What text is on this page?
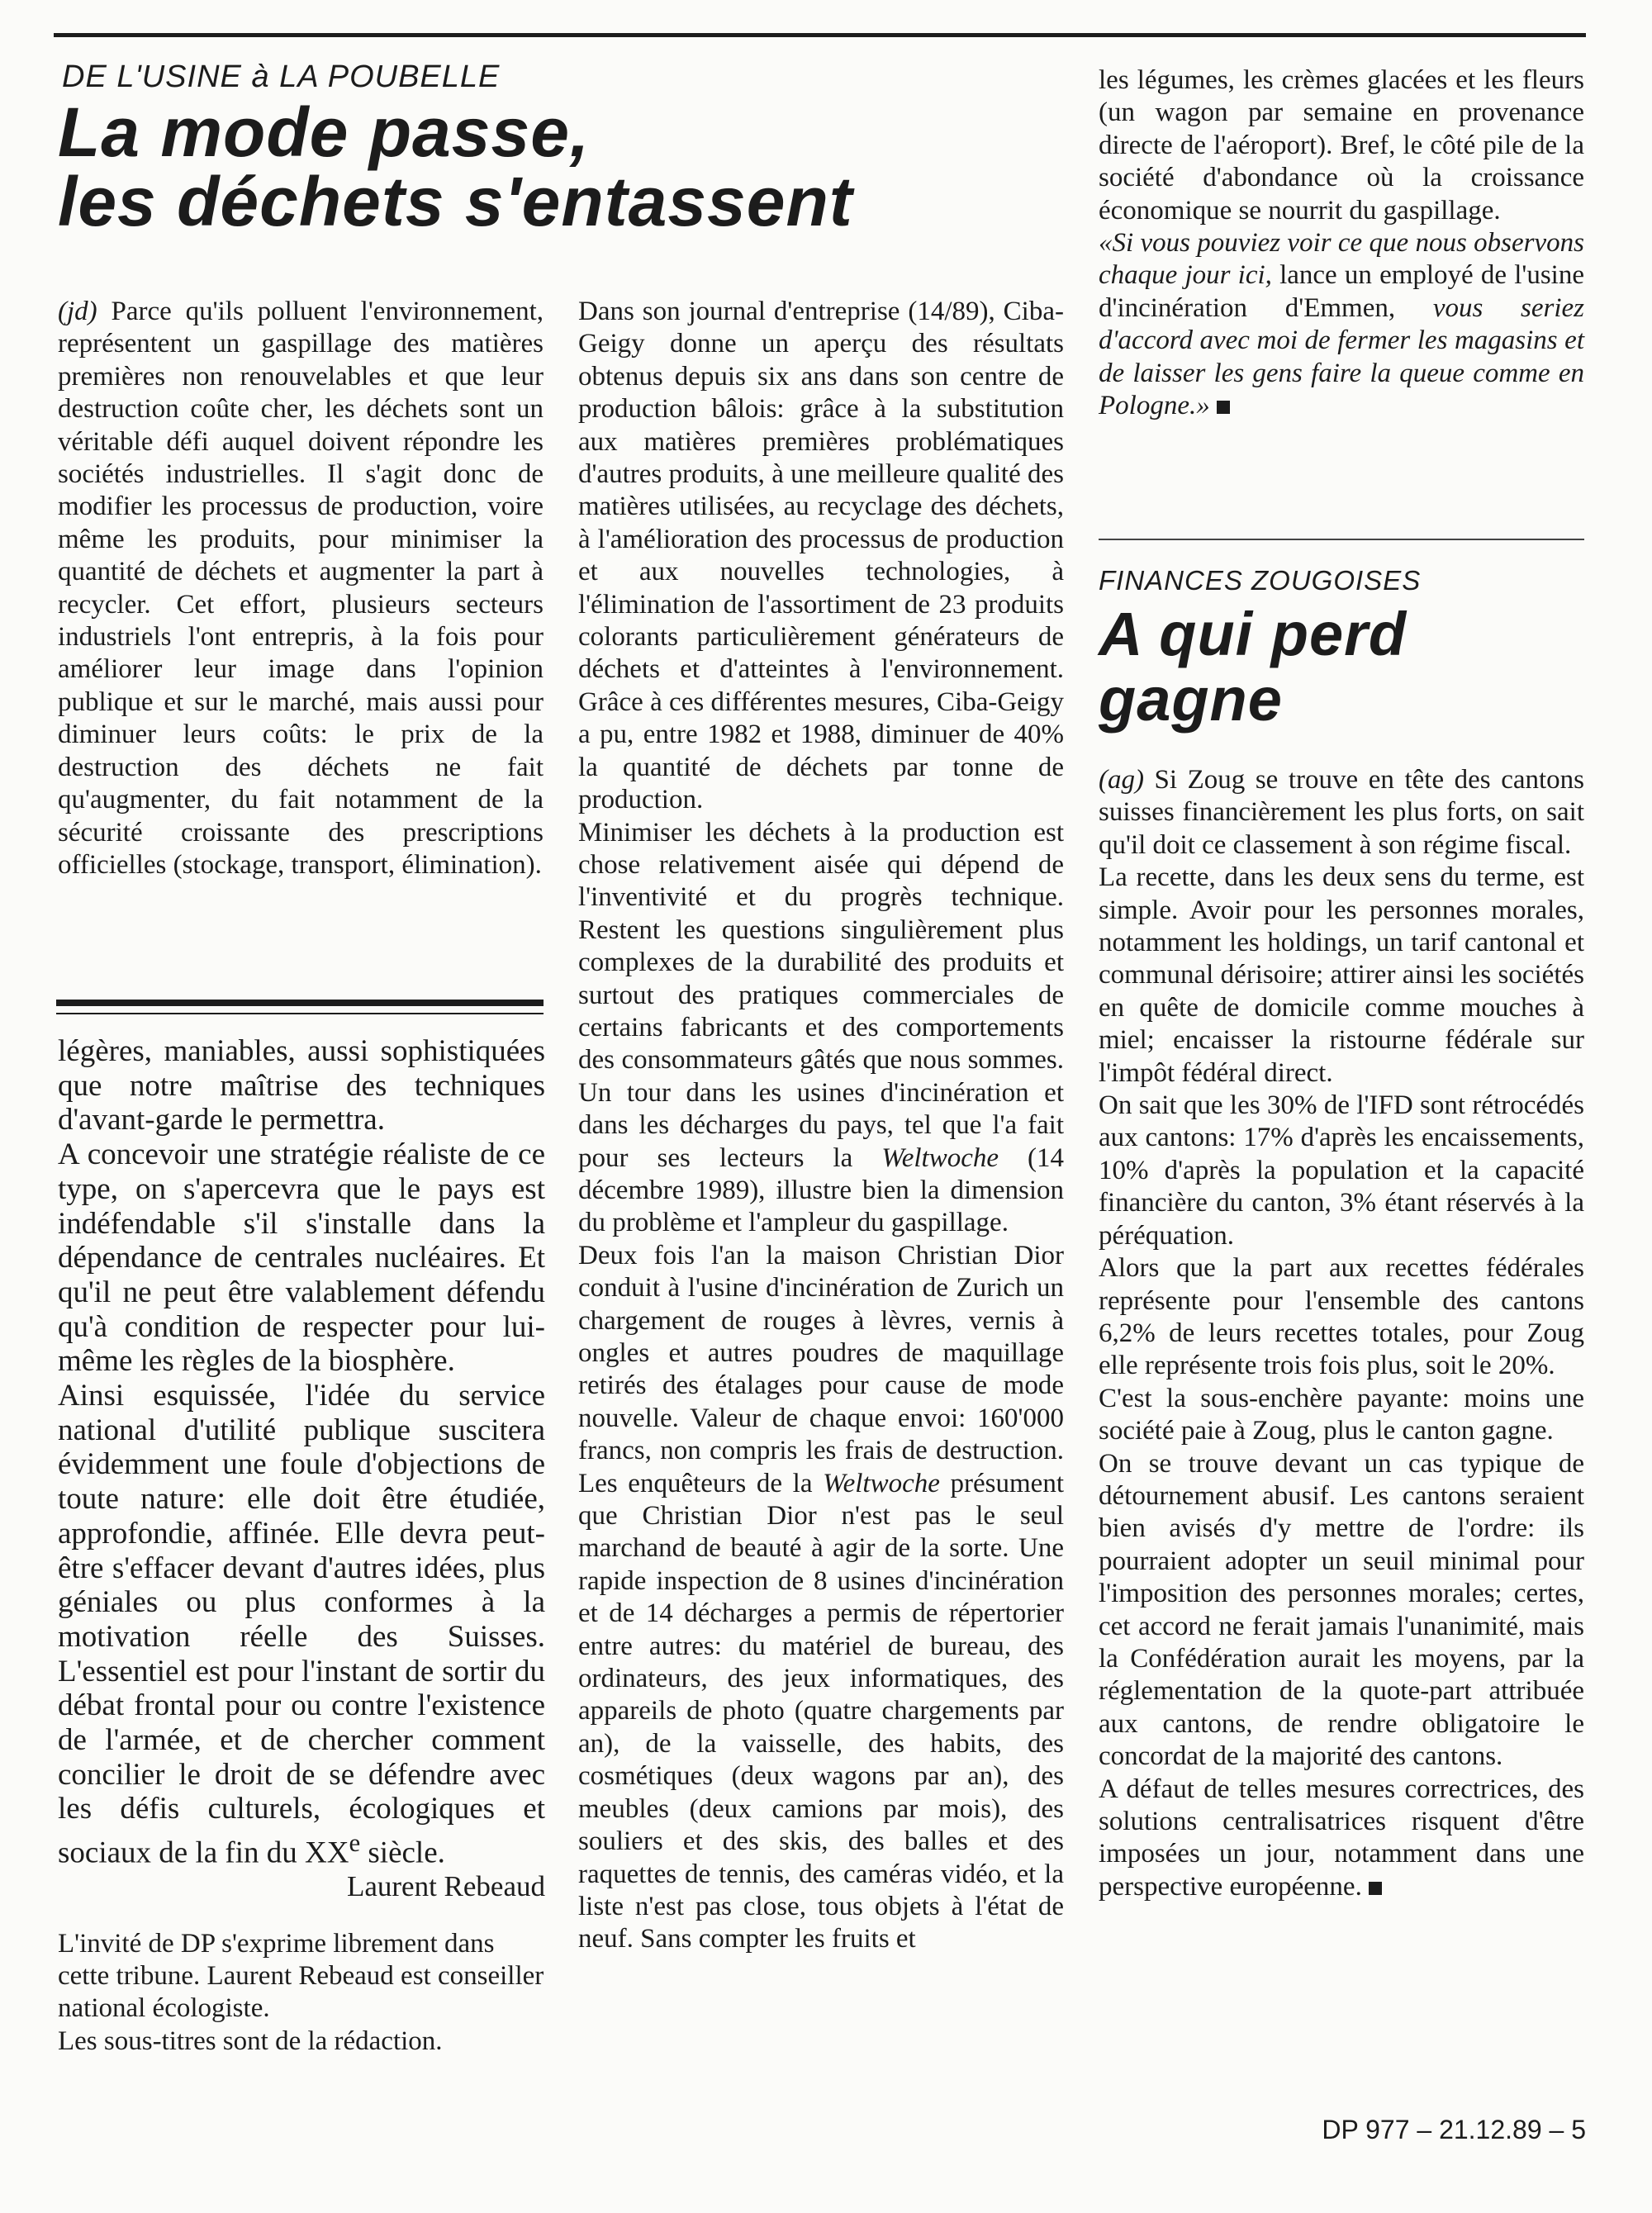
DE L'USINE à LA POUBELLE
La mode passe,
les déchets s'entassent

(jd) Parce qu'ils polluent l'environnement, représentent un gaspillage des matières premières non renouvelables et que leur destruction coûte cher, les déchets sont un véritable défi auquel doivent répondre les sociétés industrielles. Il s'agit donc de modifier les processus de production, voire même les produits, pour minimiser la quantité de déchets et augmenter la part à recycler. Cet effort, plusieurs secteurs industriels l'ont entrepris, à la fois pour améliorer leur image dans l'opinion publique et sur le marché, mais aussi pour diminuer leurs coûts: le prix de la destruction des déchets ne fait qu'augmenter, du fait notamment de la sécurité croissante des prescriptions officielles (stockage, transport, élimination).

légères, maniables, aussi sophistiquées que notre maîtrise des techniques d'avant-garde le permettra.

A concevoir une stratégie réaliste de ce type, on s'apercevra que le pays est indéfendable s'il s'installe dans la dépendance de centrales nucléaires. Et qu'il ne peut être valablement défendu qu'à condition de respecter pour lui-même les règles de la biosphère.

Ainsi esquissée, l'idée du service national d'utilité publique suscitera évidemment une foule d'objections de toute nature: elle doit être étudiée, approfondie, affinée. Elle devra peut-être s'effacer devant d'autres idées, plus géniales ou plus conformes à la motivation réelle des Suisses. L'essentiel est pour l'instant de sortir du débat frontal pour ou contre l'existence de l'armée, et de chercher comment concilier le droit de se défendre avec les défis culturels, écologiques et sociaux de la fin du XXe siècle.

Laurent Rebeaud

L'invité de DP s'exprime librement dans cette tribune. Laurent Rebeaud est conseiller national écologiste.

Les sous-titres sont de la rédaction.

Dans son journal d'entreprise (14/89), Ciba-Geigy donne un aperçu des résultats obtenus depuis six ans dans son centre de production bâlois: grâce à la substitution aux matières premières problématiques d'autres produits, à une meilleure qualité des matières utilisées, au recyclage des déchets, à l'amélioration des processus de production et aux nouvelles technologies, à l'élimination de l'assortiment de 23 produits colorants particulièrement générateurs de déchets et d'atteintes à l'environnement. Grâce à ces différentes mesures, Ciba-Geigy a pu, entre 1982 et 1988, diminuer de 40% la quantité de déchets par tonne de production.

Minimiser les déchets à la production est chose relativement aisée qui dépend de l'inventivité et du progrès technique. Restent les questions singulièrement plus complexes de la durabilité des produits et surtout des pratiques commerciales de certains fabricants et des comportements des consommateurs gâtés que nous sommes. Un tour dans les usines d'incinération et dans les décharges du pays, tel que l'a fait pour ses lecteurs la Weltwoche (14 décembre 1989), illustre bien la dimension du problème et l'ampleur du gaspillage.

Deux fois l'an la maison Christian Dior conduit à l'usine d'incinération de Zurich un chargement de rouges à lèvres, vernis à ongles et autres poudres de maquillage retirés des étalages pour cause de mode nouvelle. Valeur de chaque envoi: 160'000 francs, non compris les frais de destruction. Les enquêteurs de la Weltwoche présument que Christian Dior n'est pas le seul marchand de beauté à agir de la sorte. Une rapide inspection de 8 usines d'incinération et de 14 décharges a permis de répertorier entre autres: du matériel de bureau, des ordinateurs, des jeux informatiques, des appareils de photo (quatre chargements par an), de la vaisselle, des habits, des cosmétiques (deux wagons par an), des meubles (deux camions par mois), des souliers et des skis, des balles et des raquettes de tennis, des caméras vidéo, et la liste n'est pas close, tous objets à l'état de neuf. Sans compter les fruits et

les légumes, les crèmes glacées et les fleurs (un wagon par semaine en provenance directe de l'aéroport). Bref, le côté pile de la société d'abondance où la croissance économique se nourrit du gaspillage.

«Si vous pouviez voir ce que nous observons chaque jour ici, lance un employé de l'usine d'incinération d'Emmen, vous seriez d'accord avec moi de fermer les magasins et de laisser les gens faire la queue comme en Pologne.»

FINANCES ZOUGOISES
A qui perd
gagne

(ag) Si Zoug se trouve en tête des cantons suisses financièrement les plus forts, on sait qu'il doit ce classement à son régime fiscal.

La recette, dans les deux sens du terme, est simple. Avoir pour les personnes morales, notamment les holdings, un tarif cantonal et communal dérisoire; attirer ainsi les sociétés en quête de domicile comme mouches à miel; encaisser la ristourne fédérale sur l'impôt fédéral direct.

On sait que les 30% de l'IFD sont rétrocédés aux cantons: 17% d'après les encaissements, 10% d'après la population et la capacité financière du canton, 3% étant réservés à la péréquation.

Alors que la part aux recettes fédérales représente pour l'ensemble des cantons 6,2% de leurs recettes totales, pour Zoug elle représente trois fois plus, soit le 20%.

C'est la sous-enchère payante: moins une société paie à Zoug, plus le canton gagne.

On se trouve devant un cas typique de détournement abusif. Les cantons seraient bien avisés d'y mettre de l'ordre: ils pourraient adopter un seuil minimal pour l'imposition des personnes morales; certes, cet accord ne ferait jamais l'unanimité, mais la Confédération aurait les moyens, par la réglementation de la quote-part attribuée aux cantons, de rendre obligatoire le concordat de la majorité des cantons.

A défaut de telles mesures correctrices, des solutions centralisatrices risquent d'être imposées un jour, notamment dans une perspective européenne.

DP 977 – 21.12.89 – 5
